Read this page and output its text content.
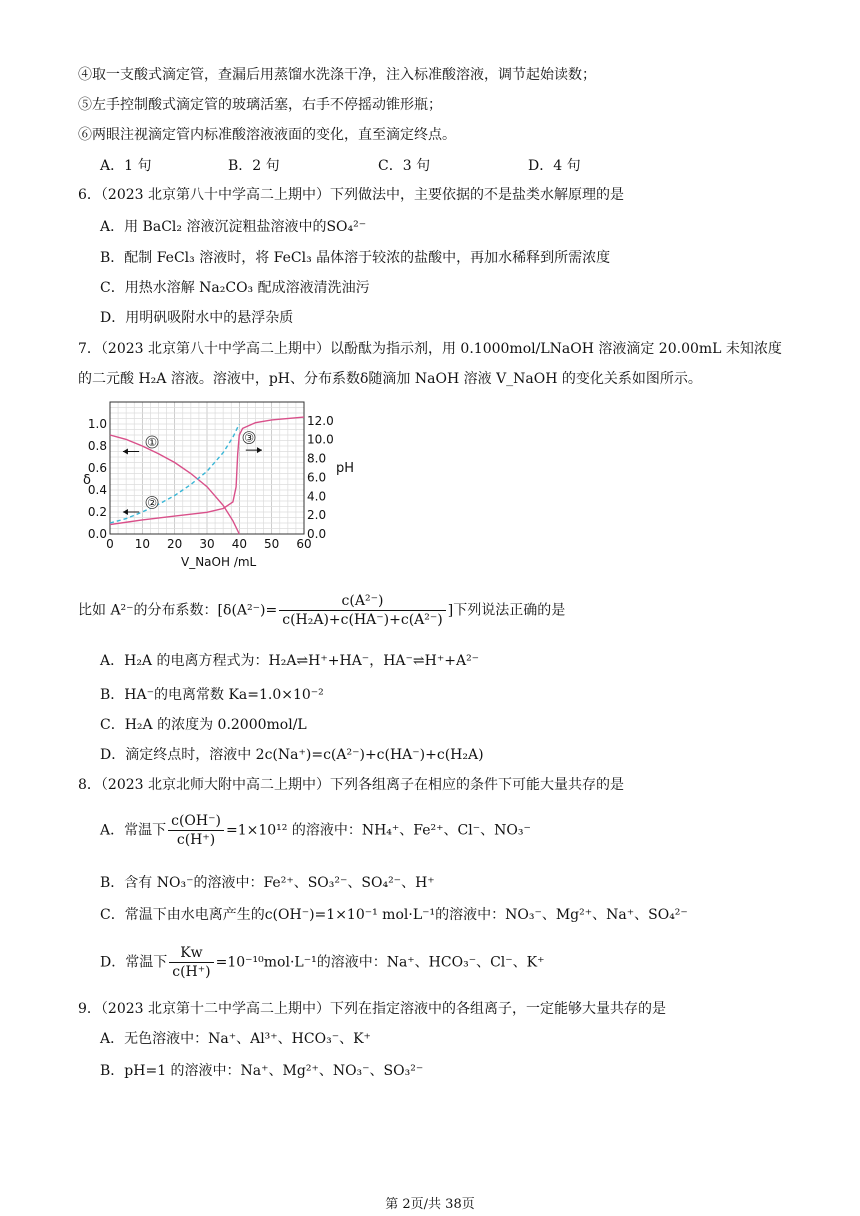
④取一支酸式滴定管，查漏后用蒸馏水洗涤干净，注入标准酸溶液，调节起始读数；
⑤左手控制酸式滴定管的玻璃活塞，右手不停摇动锥形瓶；
⑥两眼注视滴定管内标准酸溶液液面的变化，直至滴定终点。
A．1 句	B．2 句	C．3 句	D．4 句
6．（2023 北京第八十中学高二上期中）下列做法中，主要依据的不是盐类水解原理的是
A．用 BaCl₂ 溶液沉淀粗盐溶液中的SO₄²⁻
B．配制 FeCl₃ 溶液时，将 FeCl₃ 晶体溶于较浓的盐酸中，再加水稀释到所需浓度
C．用热水溶解 Na₂CO₃ 配成溶液清洗油污
D．用明矾吸附水中的悬浮杂质
7．（2023 北京第八十中学高二上期中）以酚酞为指示剂，用 0.1000mol/LNaOH 溶液滴定 20.00mL 未知浓度
的二元酸 H₂A 溶液。溶液中，pH、分布系数δ随滴加 NaOH 溶液 V_NaOH 的变化关系如图所示。
0 10 20 30 40 50 60
0.0
0.2
0.4
0.6
0.8
1.0
0.0
2.0
4.0
6.0
8.0
10.0
12.0
δ
pH
V_NaOH /mL
①
②
③
比如 A²⁻的分布系数：[$\delta(A^{2-})= \frac{\text{c(A²⁻)}}{\text{c(H₂A)+c(HA⁻)+c(A²⁻)}}$ ]下列说法正确的是
A．H₂A 的电离方程式为：H₂A⇌H⁺+HA⁻，HA⁻⇌H⁺+A²⁻
B．HA⁻的电离常数 Ka=1.0×10⁻²
C．H₂A 的浓度为 0.2000mol/L
D．滴定终点时，溶液中 2c(Na⁺)=c(A²⁻)+c(HA⁻)+c(H₂A)
8．（2023 北京北师大附中高二上期中）下列各组离子在相应的条件下可能大量共存的是
A．常温下 $\frac{c(OH^-)}{c(H^+)} =1\times 10^{12}$ 的溶液中：NH₄⁺、Fe²⁺、Cl⁻、NO₃⁻
B．含有 NO₃⁻的溶液中：Fe²⁺、SO₃²⁻、SO₄²⁻、H⁺
C．常温下由水电离产生的c(OH⁻)=1×10⁻¹ mol·L⁻¹的溶液中：NO₃⁻、Mg²⁺、Na⁺、SO₄²⁻
D．常温下 $\frac{Kw}{c(H^+)} =10^{-10}mol\cdot L^{-1}$的溶液中：Na⁺、HCO₃⁻、Cl⁻、K⁺
9．（2023 北京第十二中学高二上期中）下列在指定溶液中的各组离子，一定能够大量共存的是
A．无色溶液中：Na⁺、Al³⁺、HCO₃⁻、K⁺
B．pH=1 的溶液中：Na⁺、Mg²⁺、NO₃⁻、SO₃²⁻
第 2页/共 38页
